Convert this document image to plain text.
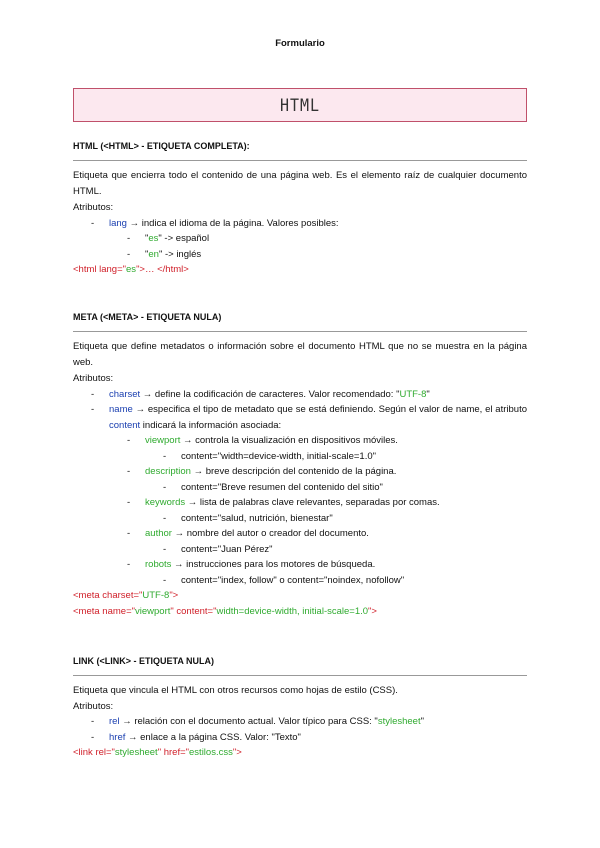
Formulario
HTML
HTML (<HTML> - ETIQUETA COMPLETA):
Etiqueta que encierra todo el contenido de una página web. Es el elemento raíz de cualquier documento HTML.
Atributos:
- lang → indica el idioma de la página. Valores posibles:
- "es" -> español
- "en" -> inglés
<html lang="es">… </html>
META (<META> - ETIQUETA NULA)
Etiqueta que define metadatos o información sobre el documento HTML que no se muestra en la página web.
Atributos:
- charset → define la codificación de caracteres. Valor recomendado: "UTF-8"
- name → especifica el tipo de metadato que se está definiendo. Según el valor de name, el atributo content indicará la información asociada:
- viewport → controla la visualización en dispositivos móviles.
- content="width=device-width, initial-scale=1.0"
- description → breve descripción del contenido de la página.
- content="Breve resumen del contenido del sitio"
- keywords → lista de palabras clave relevantes, separadas por comas.
- content="salud, nutrición, bienestar"
- author → nombre del autor o creador del documento.
- content="Juan Pérez"
- robots → instrucciones para los motores de búsqueda.
- content="index, follow" o content="noindex, nofollow"
<meta charset="UTF-8">
<meta name="viewport" content="width=device-width, initial-scale=1.0">
LINK (<LINK> - ETIQUETA NULA)
Etiqueta que vincula el HTML con otros recursos como hojas de estilo (CSS).
Atributos:
- rel → relación con el documento actual. Valor típico para CSS: "stylesheet"
- href → enlace a la página CSS. Valor: "Texto"
<link rel="stylesheet" href="estilos.css">
